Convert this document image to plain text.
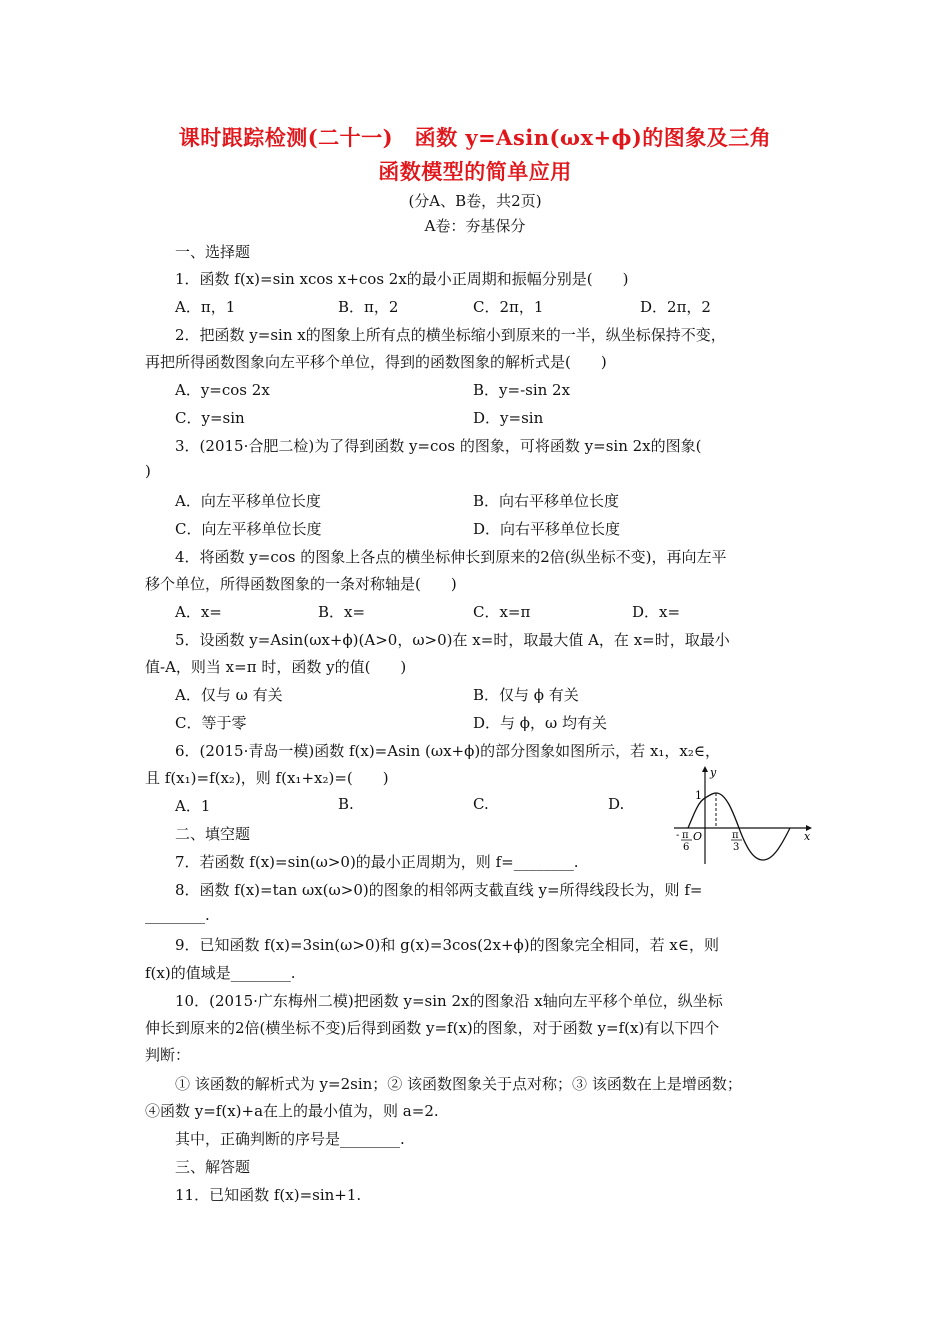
课时跟踪检测(二十一)　函数 y=Asin(ωx+ϕ)的图象及三角
函数模型的简单应用
(分A、B卷，共2页)
A卷：夯基保分
一、选择题
1．函数 f(x)=sin xcos x+cos 2x的最小正周期和振幅分别是(　　)
A．π，1	B．π，2	C．2π，1	D．2π，2
2．把函数 y=sin x的图象上所有点的横坐标缩小到原来的一半，纵坐标保持不变，
再把所得函数图象向左平移个单位，得到的函数图象的解析式是(　　)
A．y=cos 2x	B．y=-sin 2x
C．y=sin	D．y=sin
3．(2015·合肥二检)为了得到函数 y=cos 的图象，可将函数 y=sin 2x的图象(
)
A．向左平移单位长度	B．向右平移单位长度
C．向左平移单位长度	D．向右平移单位长度
4．将函数 y=cos 的图象上各点的横坐标伸长到原来的2倍(纵坐标不变)，再向左平
移个单位，所得函数图象的一条对称轴是(　　)
A．x=	B．x=	C．x=π	D．x=
5．设函数 y=Asin(ωx+ϕ)(A>0，ω>0)在 x=时，取最大值 A，在 x=时，取最小
值-A，则当 x=π 时，函数 y的值(　　)
A．仅与 ω 有关	B．仅与 ϕ 有关
C．等于零	D．与 ϕ，ω 均有关
6．(2015·青岛一模)函数 f(x)=Asin (ωx+ϕ)的部分图象如图所示，若 x₁，x₂∈，
且 f(x₁)=f(x₂)，则 f(x₁+x₂)=(　　)
A．1	B.	C.	D.
y
x
1
O
- π
6
π
3
二、填空题
7．若函数 f(x)=sin(ω>0)的最小正周期为，则 f=________.
8．函数 f(x)=tan ωx(ω>0)的图象的相邻两支截直线 y=所得线段长为，则 f=
________.
9．已知函数 f(x)=3sin(ω>0)和 g(x)=3cos(2x+ϕ)的图象完全相同，若 x∈，则
f(x)的值域是________.
10．(2015·广东梅州二模)把函数 y=sin 2x的图象沿 x轴向左平移个单位，纵坐标
伸长到原来的2倍(横坐标不变)后得到函数 y=f(x)的图象，对于函数 y=f(x)有以下四个
判断：
① 该函数的解析式为 y=2sin；② 该函数图象关于点对称；③ 该函数在上是增函数；
④函数 y=f(x)+a在上的最小值为，则 a=2.
其中，正确判断的序号是________.
三、解答题
11．已知函数 f(x)=sin+1.
